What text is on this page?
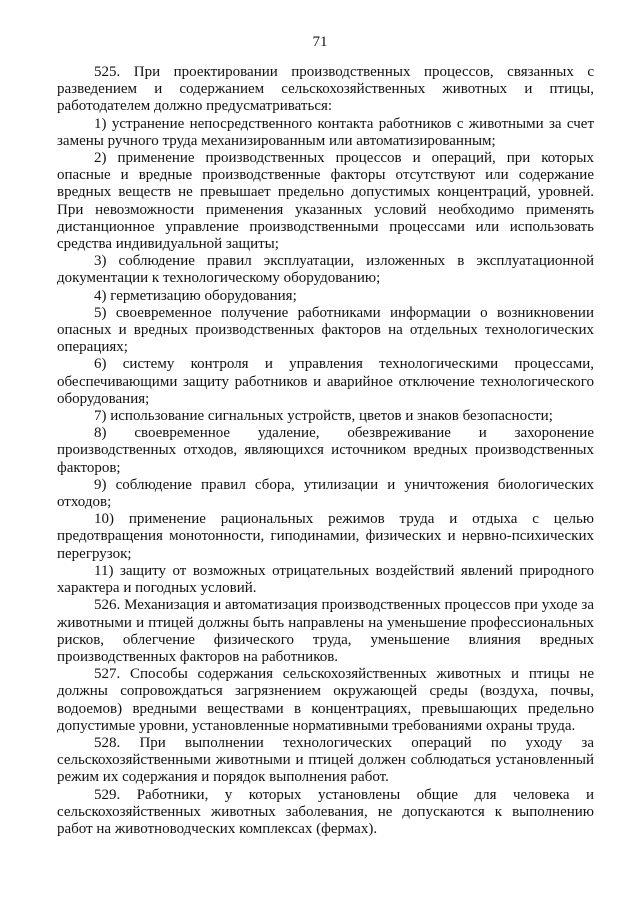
71

525. При проектировании производственных процессов, связанных с разведением и содержанием сельскохозяйственных животных и птицы, работодателем должно предусматриваться:

1) устранение непосредственного контакта работников с животными за счет замены ручного труда механизированным или автоматизированным;

2) применение производственных процессов и операций, при которых опасные и вредные производственные факторы отсутствуют или содержание вредных веществ не превышает предельно допустимых концентраций, уровней. При невозможности применения указанных условий необходимо применять дистанционное управление производственными процессами или использовать средства индивидуальной защиты;

3) соблюдение правил эксплуатации, изложенных в эксплуатационной документации к технологическому оборудованию;

4) герметизацию оборудования;

5) своевременное получение работниками информации о возникновении опасных и вредных производственных факторов на отдельных технологических операциях;

6) систему контроля и управления технологическими процессами, обеспечивающими защиту работников и аварийное отключение технологического оборудования;

7) использование сигнальных устройств, цветов и знаков безопасности;

8) своевременное удаление, обезвреживание и захоронение производственных отходов, являющихся источником вредных производственных факторов;

9) соблюдение правил сбора, утилизации и уничтожения биологических отходов;

10) применение рациональных режимов труда и отдыха с целью предотвращения монотонности, гиподинамии, физических и нервно-психических перегрузок;

11) защиту от возможных отрицательных воздействий явлений природного характера и погодных условий.

526. Механизация и автоматизация производственных процессов при уходе за животными и птицей должны быть направлены на уменьшение профессиональных рисков, облегчение физического труда, уменьшение влияния вредных производственных факторов на работников.

527. Способы содержания сельскохозяйственных животных и птицы не должны сопровождаться загрязнением окружающей среды (воздуха, почвы, водоемов) вредными веществами в концентрациях, превышающих предельно допустимые уровни, установленные нормативными требованиями охраны труда.

528. При выполнении технологических операций по уходу за сельскохозяйственными животными и птицей должен соблюдаться установленный режим их содержания и порядок выполнения работ.

529. Работники, у которых установлены общие для человека и сельскохозяйственных животных заболевания, не допускаются к выполнению работ на животноводческих комплексах (фермах).
